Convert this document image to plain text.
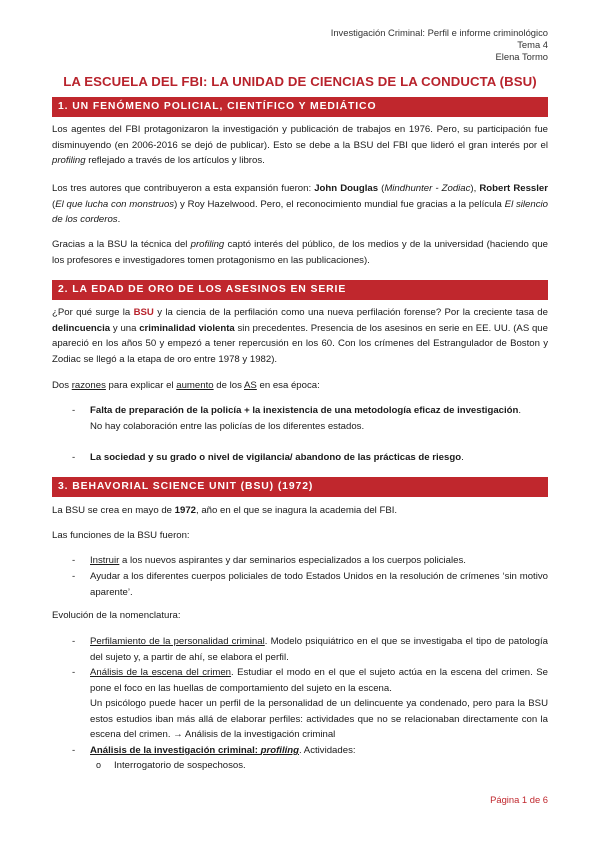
Investigación Criminal: Perfil e informe criminológico
Tema 4
Elena Tormo
LA ESCUELA DEL FBI: LA UNIDAD DE CIENCIAS DE LA CONDUCTA (BSU)
1. UN FENÓMENO POLICIAL, CIENTÍFICO Y MEDIÁTICO

Los agentes del FBI protagonizaron la investigación y publicación de trabajos en 1976. Pero, su participación fue disminuyendo (en 2006-2016 se dejó de publicar). Esto se debe a la BSU del FBI que lideró el gran interés por el profiling reflejado a través de los artículos y libros.

Los tres autores que contribuyeron a esta expansión fueron: John Douglas (Mindhunter - Zodiac), Robert Ressler (El que lucha con monstruos) y Roy Hazelwood. Pero, el reconocimiento mundial fue gracias a la película El silencio de los corderos.

Gracias a la BSU la técnica del profiling captó interés del público, de los medios y de la universidad (haciendo que los profesores e investigadores tomen protagonismo en las publicaciones).

2. LA EDAD DE ORO DE LOS ASESINOS EN SERIE

¿Por qué surge la BSU y la ciencia de la perfilación como una nueva perfilación forense? Por la creciente tasa de delincuencia y una criminalidad violenta sin precedentes. Presencia de los asesinos en serie en EE. UU. (AS que apareció en los años 50 y empezó a tener repercusión en los 60. Con los crímenes del Estrangulador de Boston y Zodiac se llegó a la etapa de oro entre 1978 y 1982).

Dos razones para explicar el aumento de los AS en esa época:

- Falta de preparación de la policía + la inexistencia de una metodología eficaz de investigación.
No hay colaboración entre las policías de los diferentes estados.

- La sociedad y su grado o nivel de vigilancia/ abandono de las prácticas de riesgo.

3. BEHAVORIAL SCIENCE UNIT (BSU) (1972)

La BSU se crea en mayo de 1972, año en el que se inagura la academia del FBI.

Las funciones de la BSU fueron:

- Instruir a los nuevos aspirantes y dar seminarios especializados a los cuerpos policiales.

- Ayudar a los diferentes cuerpos policiales de todo Estados Unidos en la resolución de crímenes ‘sin motivo aparente’.

Evolución de la nomenclatura:

- Perfilamiento de la personalidad criminal. Modelo psiquiátrico en el que se investigaba el tipo de patología del sujeto y, a partir de ahí, se elabora el perfil.

- Análisis de la escena del crimen. Estudiar el modo en el que el sujeto actúa en la escena del crimen. Se pone el foco en las huellas de comportamiento del sujeto en la escena.
Un psicólogo puede hacer un perfil de la personalidad de un delincuente ya condenado, pero para la BSU estos estudios iban más allá de elaborar perfiles: actividades que no se relacionaban directamente con la escena del crimen. → Análisis de la investigación criminal

- Análisis de la investigación criminal: profiling. Actividades:

o Interrogatorio de sospechosos.

Página 1 de 6
